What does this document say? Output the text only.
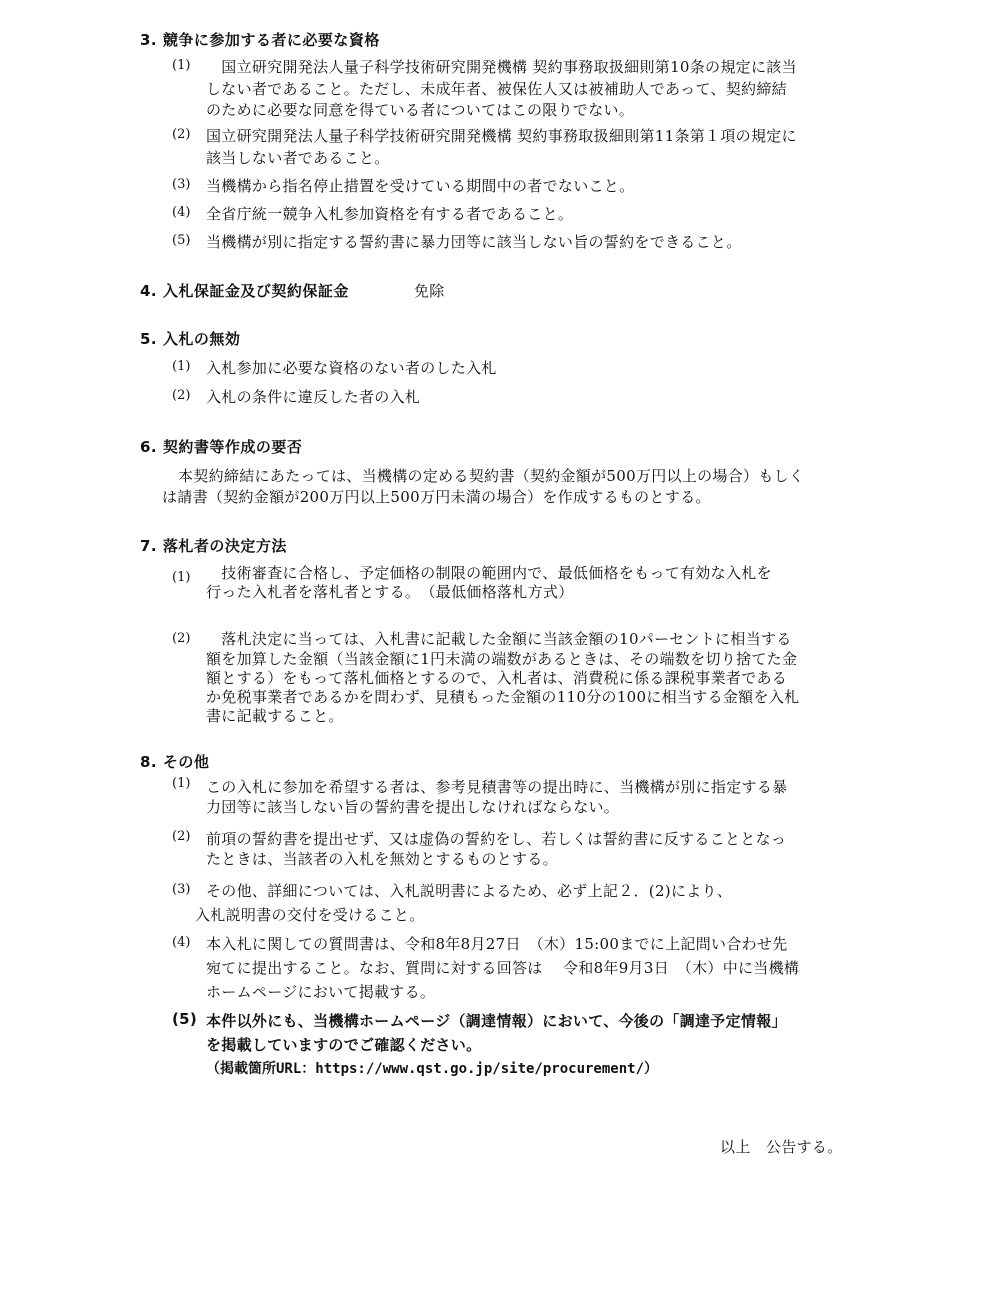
3. 競争に参加する者に必要な資格
(1) 　国立研究開発法人量子科学技術研究開発機構 契約事務取扱細則第10条の規定に該当
しない者であること。ただし、未成年者、被保佐人又は被補助人であって、契約締結
のために必要な同意を得ている者についてはこの限りでない。
(2) 国立研究開発法人量子科学技術研究開発機構 契約事務取扱細則第11条第１項の規定に
該当しない者であること。
(3) 当機構から指名停止措置を受けている期間中の者でないこと。
(4) 全省庁統一競争入札参加資格を有する者であること。
(5) 当機構が別に指定する誓約書に暴力団等に該当しない旨の誓約をできること。
4. 入札保証金及び契約保証金	免除
5. 入札の無効
(1) 入札参加に必要な資格のない者のした入札
(2) 入札の条件に違反した者の入札
6. 契約書等作成の要否
本契約締結にあたっては、当機構の定める契約書（契約金額が500万円以上の場合）もしく
は請書（契約金額が200万円以上500万円未満の場合）を作成するものとする。
7. 落札者の決定方法
(1) 　技術審査に合格し、予定価格の制限の範囲内で、最低価格をもって有効な入札を
行った入札者を落札者とする。　（最低価格落札方式）
(2) 　落札決定に当っては、入札書に記載した金額に当該金額の10パーセントに相当する
額を加算した金額（当該金額に1円未満の端数があるときは、その端数を切り捨てた金
額とする）をもって落札価格とするので、入札者は、消費税に係る課税事業者である
か免税事業者であるかを問わず、見積もった金額の110分の100に相当する金額を入札
書に記載すること。
8. その他
(1) この入札に参加を希望する者は、参考見積書等の提出時に、当機構が別に指定する暴
力団等に該当しない旨の誓約書を提出しなければならない。
(2) 前項の誓約書を提出せず、又は虚偽の誓約をし、若しくは誓約書に反することとなっ
たときは、当該者の入札を無効とするものとする。
(3) その他、詳細については、入札説明書によるため、必ず上記２．(2)により、
入札説明書の交付を受けること。
(4) 本入札に関しての質問書は、令和8年8月27日　（木）15:00までに上記問い合わせ先
宛てに提出すること。なお、質問に対する回答は　 令和8年9月3日　（木）中に当機構
ホームページにおいて掲載する。
(5) 本件以外にも、当機構ホームページ（調達情報）において、今後の「調達予定情報」
を掲載していますのでご確認ください。
（掲載箇所URL：https://www.qst.go.jp/site/procurement/）
以上　公告する。
